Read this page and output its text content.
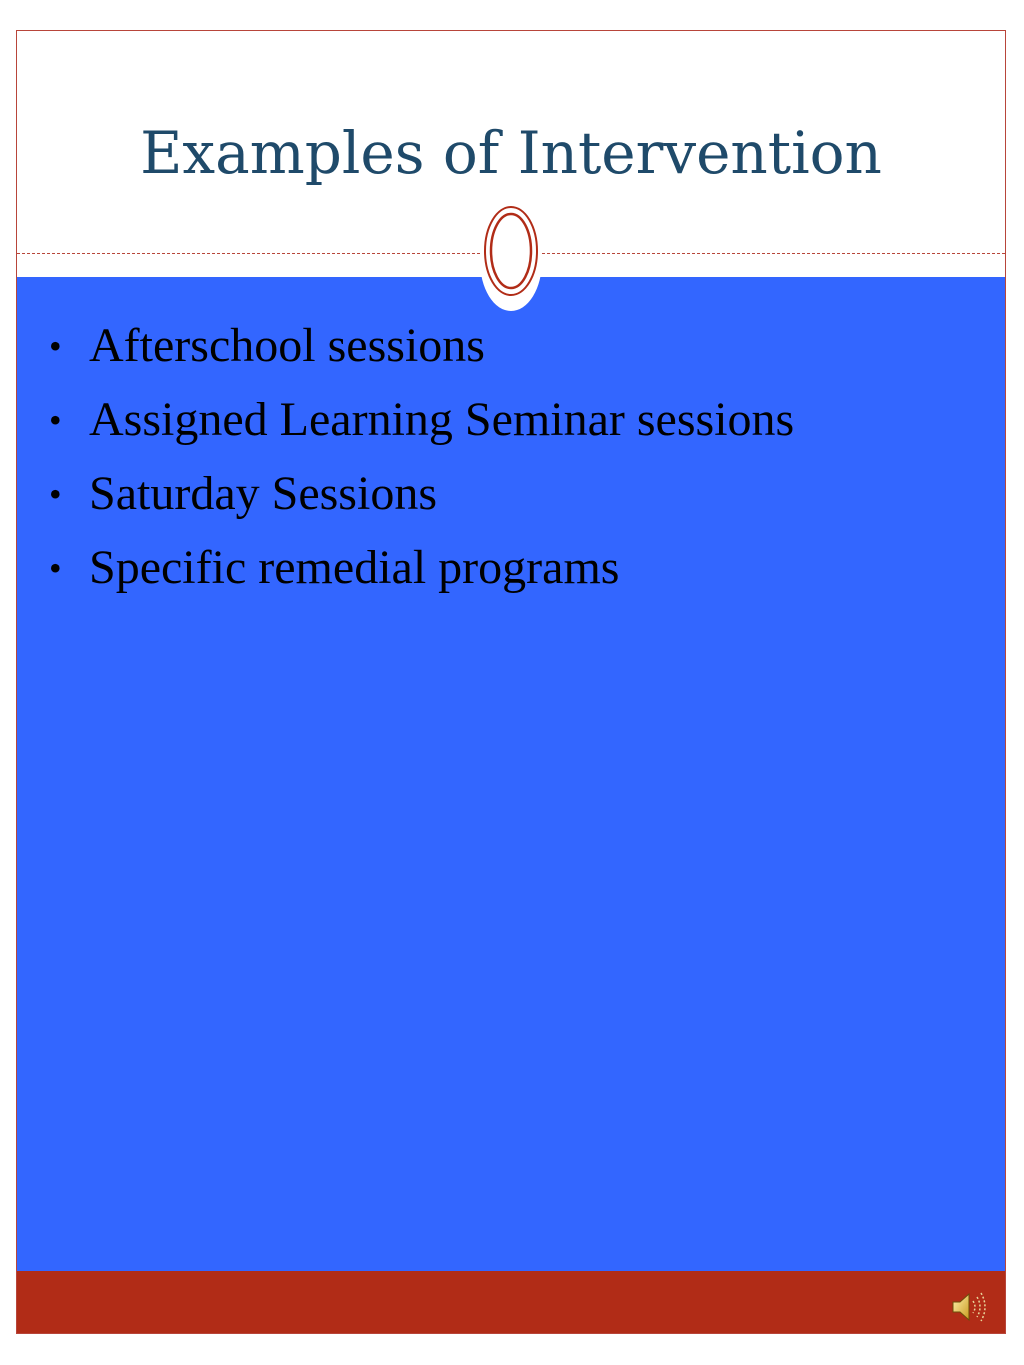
Examples of Intervention
• Afterschool sessions
• Assigned Learning Seminar sessions
• Saturday Sessions
• Specific remedial programs
